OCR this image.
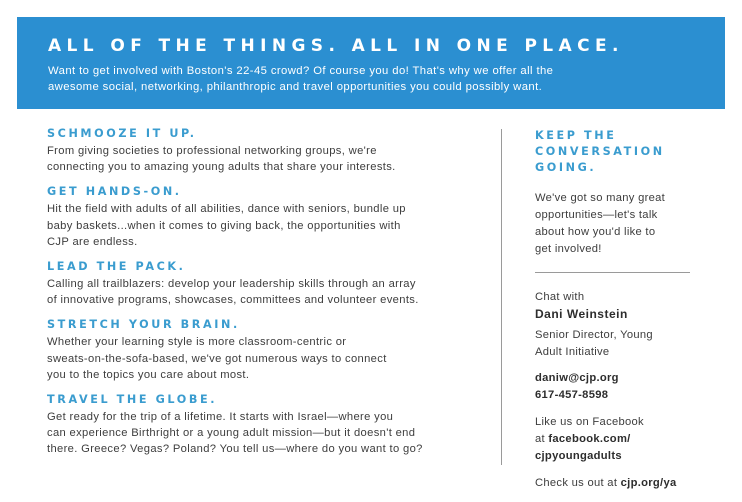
ALL OF THE THINGS. ALL IN ONE PLACE.
Want to get involved with Boston's 22-45 crowd? Of course you do! That's why we offer all the
awesome social, networking, philanthropic and travel opportunities you could possibly want.
SCHMOOZE IT UP.
From giving societies to professional networking groups, we're
connecting you to amazing young adults that share your interests.
GET HANDS-ON.
Hit the field with adults of all abilities, dance with seniors, bundle up
baby baskets...when it comes to giving back, the opportunities with
CJP are endless.
LEAD THE PACK.
Calling all trailblazers: develop your leadership skills through an array
of innovative programs, showcases, committees and volunteer events.
STRETCH YOUR BRAIN.
Whether your learning style is more classroom-centric or
sweats-on-the-sofa-based, we've got numerous ways to connect
you to the topics you care about most.
TRAVEL THE GLOBE.
Get ready for the trip of a lifetime. It starts with Israel—where you
can experience Birthright or a young adult mission—but it doesn't end
there. Greece? Vegas? Poland? You tell us—where do you want to go?
KEEP THE
CONVERSATION
GOING.
We've got so many great
opportunities—let's talk
about how you'd like to
get involved!
Chat with
Dani Weinstein
Senior Director, Young
Adult Initiative
daniw@cjp.org
617-457-8598
Like us on Facebook
at facebook.com/
cjpyoungadults
Check us out at cjp.org/ya
